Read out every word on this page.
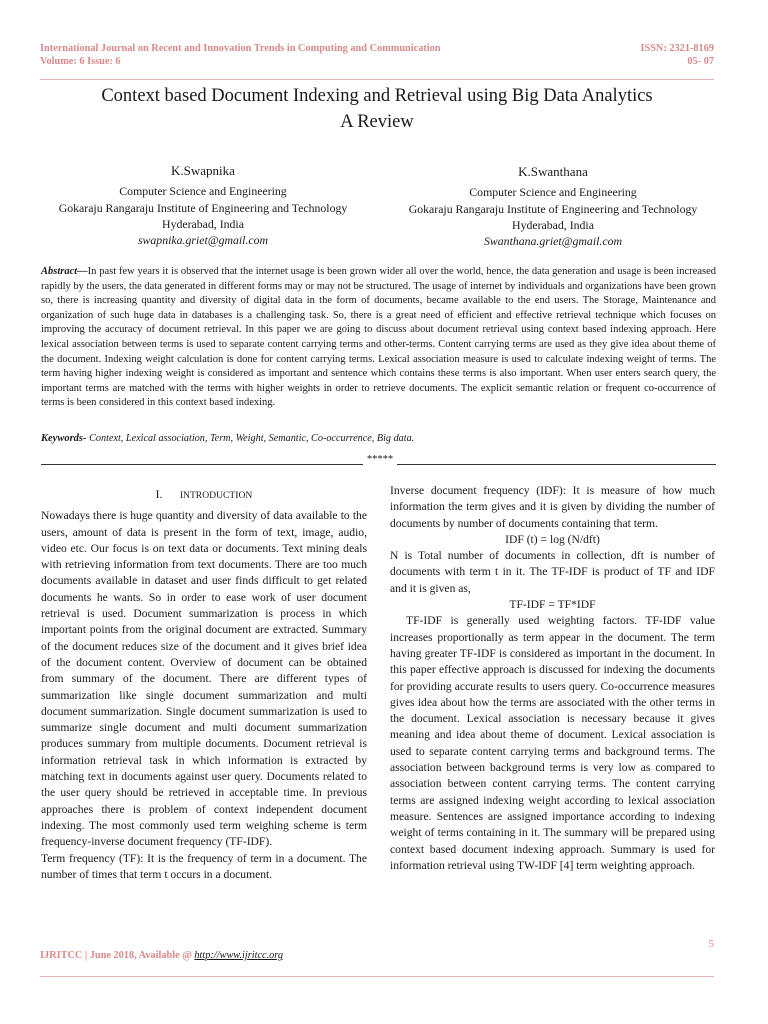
International Journal on Recent and Innovation Trends in Computing and Communication
Volume: 6 Issue: 6
ISSN: 2321-8169
05- 07
Context based Document Indexing and Retrieval using Big Data Analytics
A Review
K.Swapnika
Computer Science and Engineering
Gokaraju Rangaraju Institute of Engineering and Technology
Hyderabad, India
swapnika.griet@gmail.com
K.Swanthana
Computer Science and Engineering
Gokaraju Rangaraju Institute of Engineering and Technology
Hyderabad, India
Swanthana.griet@gmail.com
Abstract—In past few years it is observed that the internet usage is been grown wider all over the world, hence, the data generation and usage is been increased rapidly by the users, the data generated in different forms may or may not be structured. The usage of internet by individuals and organizations have been grown so, there is increasing quantity and diversity of digital data in the form of documents, became available to the end users. The Storage, Maintenance and organization of such huge data in databases is a challenging task. So, there is a great need of efficient and effective retrieval technique which focuses on improving the accuracy of document retrieval. In this paper we are going to discuss about document retrieval using context based indexing approach. Here lexical association between terms is used to separate content carrying terms and other-terms. Content carrying terms are used as they give idea about theme of the document. Indexing weight calculation is done for content carrying terms. Lexical association measure is used to calculate indexing weight of terms. The term having higher indexing weight is considered as important and sentence which contains these terms is also important. When user enters search query, the important terms are matched with the terms with higher weights in order to retrieve documents. The explicit semantic relation or frequent co-occurrence of terms is been considered in this context based indexing.
Keywords- Context, Lexical association, Term, Weight, Semantic, Co-occurrence, Big data.
*****
I. INTRODUCTION

Nowadays there is huge quantity and diversity of data available to the users, amount of data is present in the form of text, image, audio, video etc. Our focus is on text data or documents. Text mining deals with retrieving information from text documents. There are too much documents available in dataset and user finds difficult to get related documents he wants. So in order to ease work of user document retrieval is used. Document summarization is process in which important points from the original document are extracted. Summary of the document reduces size of the document and it gives brief idea of the document content. Overview of document can be obtained from summary of the document. There are different types of summarization like single document summarization and multi document summarization. Single document summarization is used to summarize single document and multi document summarization produces summary from multiple documents. Document retrieval is information retrieval task in which information is extracted by matching text in documents against user query. Documents related to the user query should be retrieved in acceptable time. In previous approaches there is problem of context independent document indexing. The most commonly used term weighing scheme is term frequency-inverse document frequency (TF-IDF).

Term frequency (TF): It is the frequency of term in a document. The number of times that term t occurs in a document.

Inverse document frequency (IDF): It is measure of how much information the term gives and it is given by dividing the number of documents by number of documents containing that term.

IDF (t) = log (N/dft)

N is Total number of documents in collection, dft is number of documents with term t in it. The TF-IDF is product of TF and IDF and it is given as,

TF-IDF = TF*IDF

TF-IDF is generally used weighting factors. TF-IDF value increases proportionally as term appear in the document. The term having greater TF-IDF is considered as important in the document. In this paper effective approach is discussed for indexing the documents for providing accurate results to users query. Co-occurrence measures gives idea about how the terms are associated with the other terms in the document. Lexical association is necessary because it gives meaning and idea about theme of document. Lexical association is used to separate content carrying terms and background terms. The association between background terms is very low as compared to association between content carrying terms. The content carrying terms are assigned indexing weight according to lexical association measure. Sentences are assigned importance according to indexing weight of terms containing in it. The summary will be prepared using context based document indexing approach. Summary is used for information retrieval using TW-IDF [4] term weighting approach.

5
IJRITCC | June 2018, Available @ http://www.ijritcc.org
